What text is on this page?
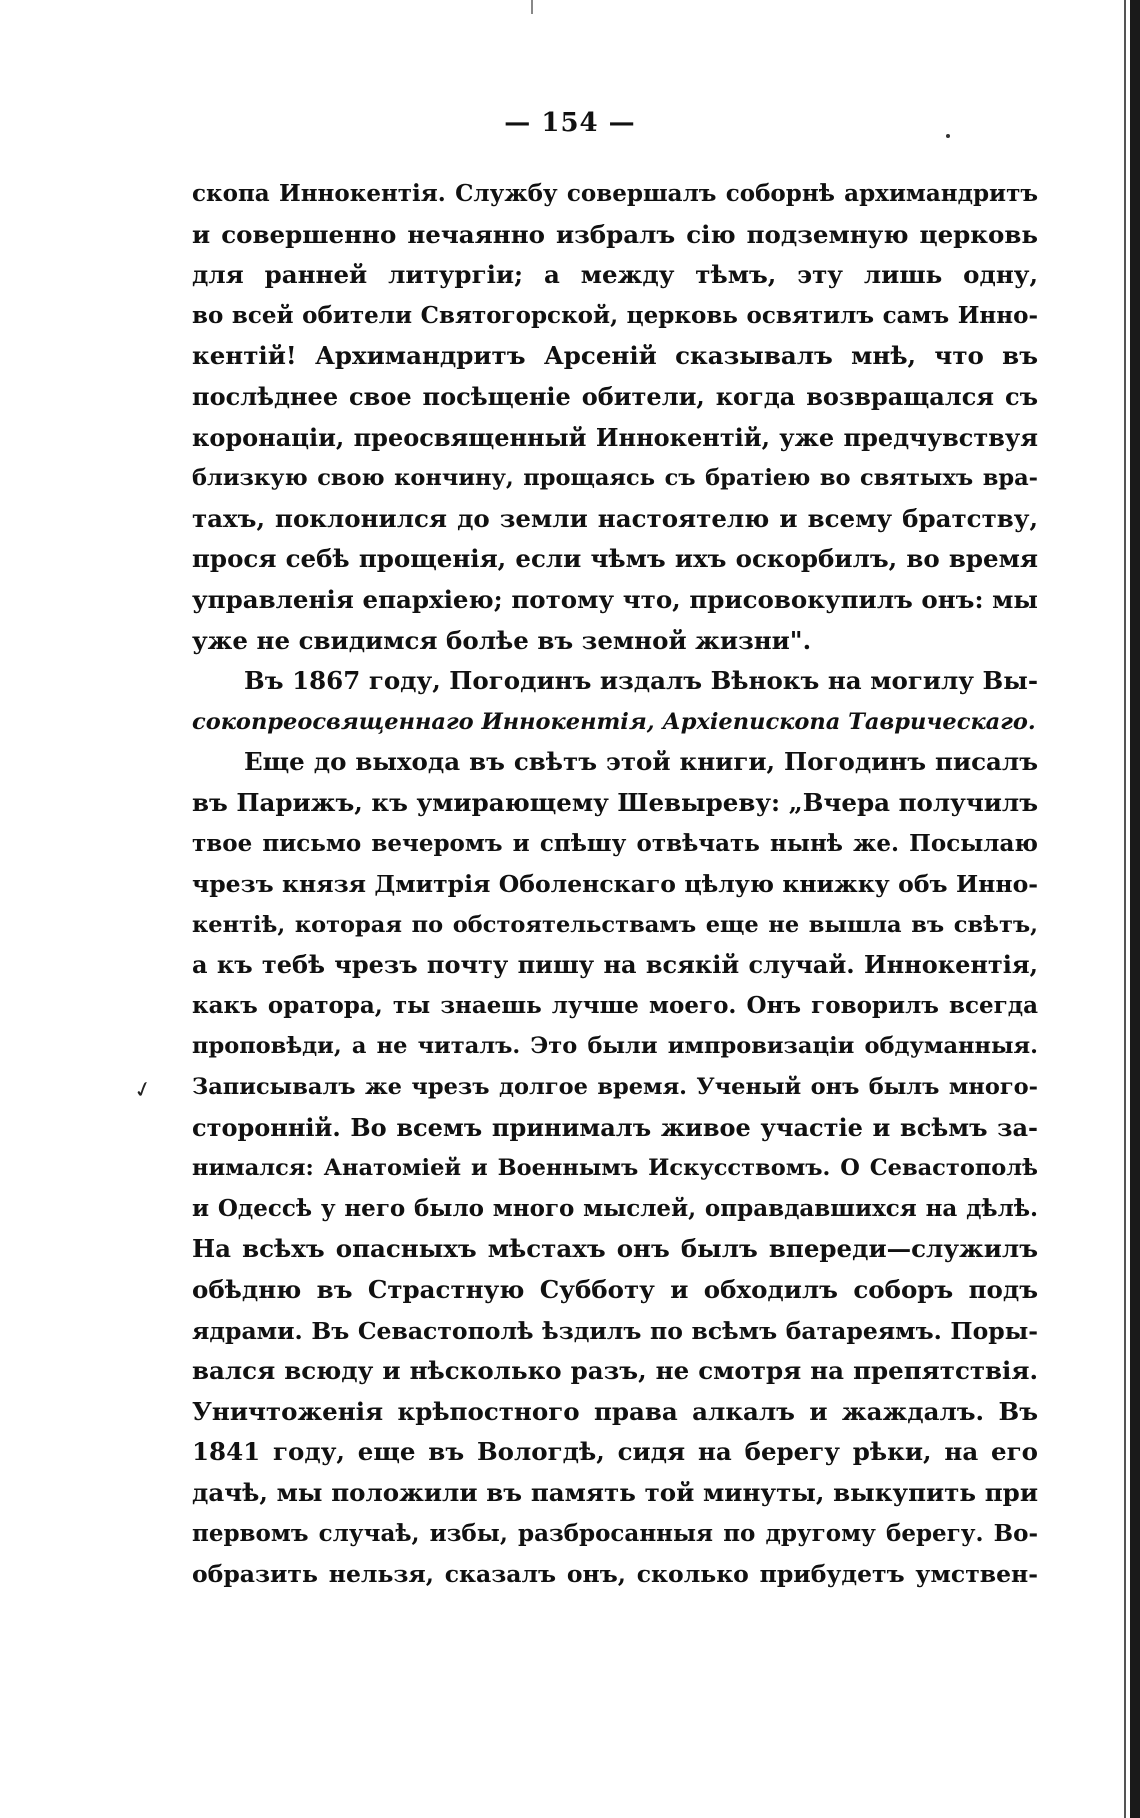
— 154 —
✓
скопа Иннокентія. Службу совершалъ соборнѣ архимандритъ
и совершенно нечаянно избралъ сію подземную церковь
для ранней литургіи; а между тѣмъ, эту лишь одну,
во всей обители Святогорской, церковь освятилъ самъ Инно-
кентій! Архимандритъ Арсеній сказывалъ мнѣ, что въ
послѣднее свое посѣщеніе обители, когда возвращался съ
коронаціи, преосвященный Иннокентій, уже предчувствуя
близкую свою кончину, прощаясь съ братіею во святыхъ вра-
тахъ, поклонился до земли настоятелю и всему братству,
прося себѣ прощенія, если чѣмъ ихъ оскорбилъ, во время
управленія епархіею; потому что, присовокупилъ онъ: мы
уже не свидимся болѣе въ земной жизни".
Въ 1867 году, Погодинъ издалъ Вѣнокъ на могилу Вы-
сокопреосвященнаго Иннокентія, Архіепископа Таврическаго.
Еще до выхода въ свѣтъ этой книги, Погодинъ писалъ
въ Парижъ, къ умирающему Шевыреву: „Вчера получилъ
твое письмо вечеромъ и спѣшу отвѣчать нынѣ же. Посылаю
чрезъ князя Дмитрія Оболенскаго цѣлую книжку объ Инно-
кентіѣ, которая по обстоятельствамъ еще не вышла въ свѣтъ,
а къ тебѣ чрезъ почту пишу на всякій случай. Иннокентія,
какъ оратора, ты знаешь лучше моего. Онъ говорилъ всегда
проповѣди, а не читалъ. Это были импровизаціи обдуманныя.
Записывалъ же чрезъ долгое время. Ученый онъ былъ много-
сторонній. Во всемъ принималъ живое участіе и всѣмъ за-
нимался: Анатоміей и Военнымъ Искусствомъ. О Севастополѣ
и Одессѣ у него было много мыслей, оправдавшихся на дѣлѣ.
На всѣхъ опасныхъ мѣстахъ онъ былъ впереди—служилъ
обѣдню въ Страстную Субботу и обходилъ соборъ подъ
ядрами. Въ Севастополѣ ѣздилъ по всѣмъ батареямъ. Поры-
вался всюду и нѣсколько разъ, не смотря на препятствія.
Уничтоженія крѣпостного права алкалъ и жаждалъ. Въ
1841 году, еще въ Вологдѣ, сидя на берегу рѣки, на его
дачѣ, мы положили въ память той минуты, выкупить при
первомъ случаѣ, избы, разбросанныя по другому берегу. Во-
образить нельзя, сказалъ онъ, сколько прибудетъ умствен-
